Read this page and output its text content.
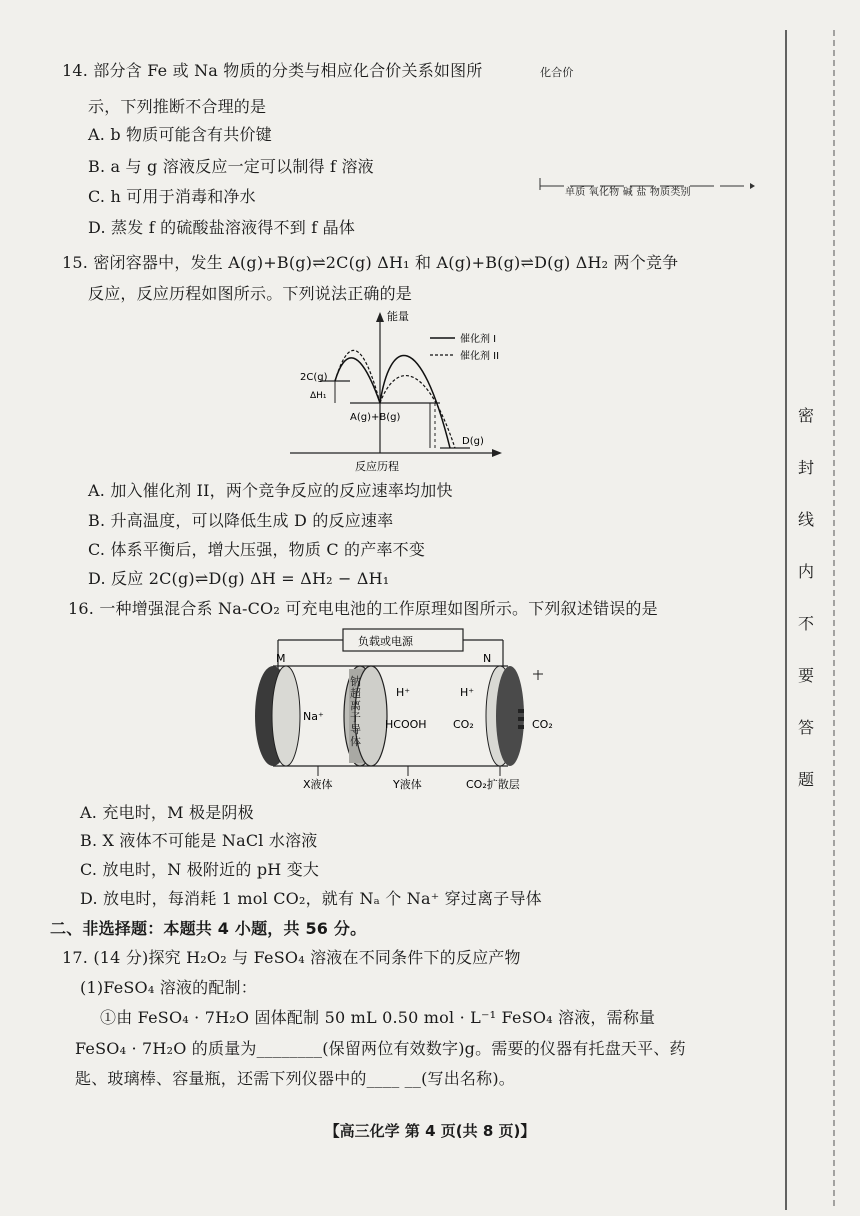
14. 部分含 Fe 或 Na 物质的分类与相应化合价关系如图所	化合价
示，下列推断不合理的是
A. b 物质可能含有共价键
B. a 与 g 溶液反应一定可以制得 f 溶液
C. h 可用于消毒和净水
D. 蒸发 f 的硫酸盐溶液得不到 f 晶体
单质 氧化物 碱 盐 物质类别
15. 密闭容器中，发生 A(g)+B(g)⇌2C(g) ΔH₁ 和 A(g)+B(g)⇌D(g) ΔH₂ 两个竞争
反应，反应历程如图所示。下列说法正确的是
催化剂 I
催化剂 II
能量
2C(g)
ΔH₁
A(g)+B(g)
D(g)
反应历程
A. 加入催化剂 II，两个竞争反应的反应速率均加快
B. 升高温度，可以降低生成 D 的反应速率
C. 体系平衡后，增大压强，物质 C 的产率不变
D. 反应 2C(g)⇌D(g) ΔH = ΔH₂ − ΔH₁
16. 一种增强混合系 Na-CO₂ 可充电电池的工作原理如图所示。下列叙述错误的是
负载或电源
M	N
Na⁺
H⁺	H⁺
HCOOH CO₂	CO₂
X液体	Y液体	CO₂扩散层
钠超离子导体
A. 充电时，M 极是阴极
B. X 液体不可能是 NaCl 水溶液
C. 放电时，N 极附近的 pH 变大
D. 放电时，每消耗 1 mol CO₂，就有 Nₐ 个 Na⁺ 穿过离子导体
二、非选择题：本题共 4 小题，共 56 分。
17. (14 分)探究 H₂O₂ 与 FeSO₄ 溶液在不同条件下的反应产物
(1)FeSO₄ 溶液的配制：
①由 FeSO₄ · 7H₂O 固体配制 50 mL 0.50 mol · L⁻¹ FeSO₄ 溶液，需称量
FeSO₄ · 7H₂O 的质量为________(保留两位有效数字)g。需要的仪器有托盘天平、药
匙、玻璃棒、容量瓶，还需下列仪器中的____ __(写出名称)。
密
封
线
内
不
要
答
题
【高三化学 第 4 页(共 8 页)】
